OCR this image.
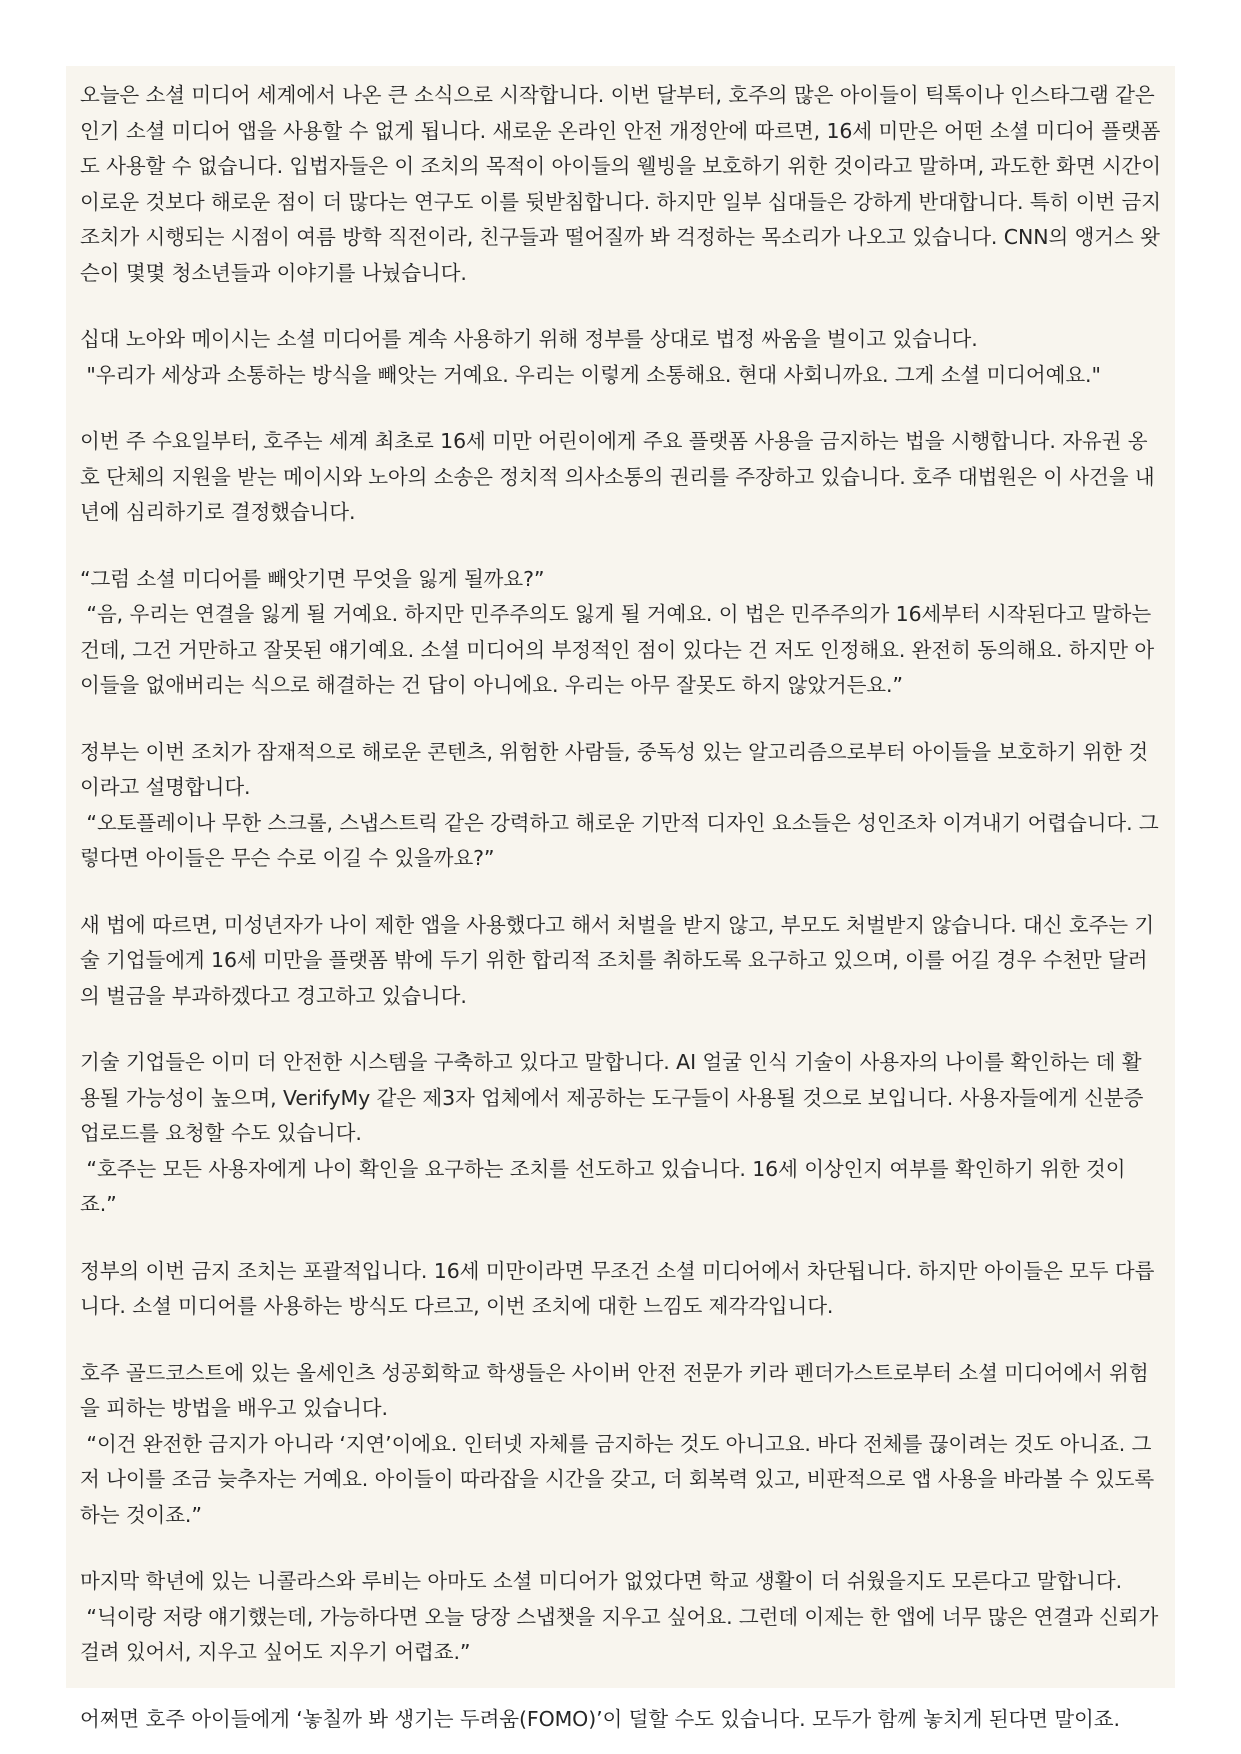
오늘은 소셜 미디어 세계에서 나온 큰 소식으로 시작합니다. 이번 달부터, 호주의 많은 아이들이 틱톡이나 인스타그램 같은 인기 소셜 미디어 앱을 사용할 수 없게 됩니다. 새로운 온라인 안전 개정안에 따르면, 16세 미만은 어떤 소셜 미디어 플랫폼도 사용할 수 없습니다. 입법자들은 이 조치의 목적이 아이들의 웰빙을 보호하기 위한 것이라고 말하며, 과도한 화면 시간이 이로운 것보다 해로운 점이 더 많다는 연구도 이를 뒷받침합니다. 하지만 일부 십대들은 강하게 반대합니다. 특히 이번 금지 조치가 시행되는 시점이 여름 방학 직전이라, 친구들과 떨어질까 봐 걱정하는 목소리가 나오고 있습니다. CNN의 앵거스 왓슨이 몇몇 청소년들과 이야기를 나눴습니다.

십대 노아와 메이시는 소셜 미디어를 계속 사용하기 위해 정부를 상대로 법정 싸움을 벌이고 있습니다.
"우리가 세상과 소통하는 방식을 빼앗는 거예요. 우리는 이렇게 소통해요. 현대 사회니까요. 그게 소셜 미디어예요."

이번 주 수요일부터, 호주는 세계 최초로 16세 미만 어린이에게 주요 플랫폼 사용을 금지하는 법을 시행합니다. 자유권 옹호 단체의 지원을 받는 메이시와 노아의 소송은 정치적 의사소통의 권리를 주장하고 있습니다. 호주 대법원은 이 사건을 내년에 심리하기로 결정했습니다.

“그럼 소셜 미디어를 빼앗기면 무엇을 잃게 될까요?”
“음, 우리는 연결을 잃게 될 거예요. 하지만 민주주의도 잃게 될 거예요. 이 법은 민주주의가 16세부터 시작된다고 말하는 건데, 그건 거만하고 잘못된 얘기예요. 소셜 미디어의 부정적인 점이 있다는 건 저도 인정해요. 완전히 동의해요. 하지만 아이들을 없애버리는 식으로 해결하는 건 답이 아니에요. 우리는 아무 잘못도 하지 않았거든요.”

정부는 이번 조치가 잠재적으로 해로운 콘텐츠, 위험한 사람들, 중독성 있는 알고리즘으로부터 아이들을 보호하기 위한 것이라고 설명합니다.
“오토플레이나 무한 스크롤, 스냅스트릭 같은 강력하고 해로운 기만적 디자인 요소들은 성인조차 이겨내기 어렵습니다. 그렇다면 아이들은 무슨 수로 이길 수 있을까요?”

새 법에 따르면, 미성년자가 나이 제한 앱을 사용했다고 해서 처벌을 받지 않고, 부모도 처벌받지 않습니다. 대신 호주는 기술 기업들에게 16세 미만을 플랫폼 밖에 두기 위한 합리적 조치를 취하도록 요구하고 있으며, 이를 어길 경우 수천만 달러의 벌금을 부과하겠다고 경고하고 있습니다.

기술 기업들은 이미 더 안전한 시스템을 구축하고 있다고 말합니다. AI 얼굴 인식 기술이 사용자의 나이를 확인하는 데 활용될 가능성이 높으며, VerifyMy 같은 제3자 업체에서 제공하는 도구들이 사용될 것으로 보입니다. 사용자들에게 신분증 업로드를 요청할 수도 있습니다.
“호주는 모든 사용자에게 나이 확인을 요구하는 조치를 선도하고 있습니다. 16세 이상인지 여부를 확인하기 위한 것이죠.”

정부의 이번 금지 조치는 포괄적입니다. 16세 미만이라면 무조건 소셜 미디어에서 차단됩니다. 하지만 아이들은 모두 다릅니다. 소셜 미디어를 사용하는 방식도 다르고, 이번 조치에 대한 느낌도 제각각입니다.

호주 골드코스트에 있는 올세인츠 성공회학교 학생들은 사이버 안전 전문가 키라 펜더가스트로부터 소셜 미디어에서 위험을 피하는 방법을 배우고 있습니다.
“이건 완전한 금지가 아니라 ‘지연’이에요. 인터넷 자체를 금지하는 것도 아니고요. 바다 전체를 끊이려는 것도 아니죠. 그저 나이를 조금 늦추자는 거예요. 아이들이 따라잡을 시간을 갖고, 더 회복력 있고, 비판적으로 앱 사용을 바라볼 수 있도록 하는 것이죠.”

마지막 학년에 있는 니콜라스와 루비는 아마도 소셜 미디어가 없었다면 학교 생활이 더 쉬웠을지도 모른다고 말합니다.
“닉이랑 저랑 얘기했는데, 가능하다면 오늘 당장 스냅챗을 지우고 싶어요. 그런데 이제는 한 앱에 너무 많은 연결과 신뢰가 걸려 있어서, 지우고 싶어도 지우기 어렵죠.”

어쩌면 호주 아이들에게 ‘놓칠까 봐 생기는 두려움(FOMO)’이 덜할 수도 있습니다. 모두가 함께 놓치게 된다면 말이죠.
